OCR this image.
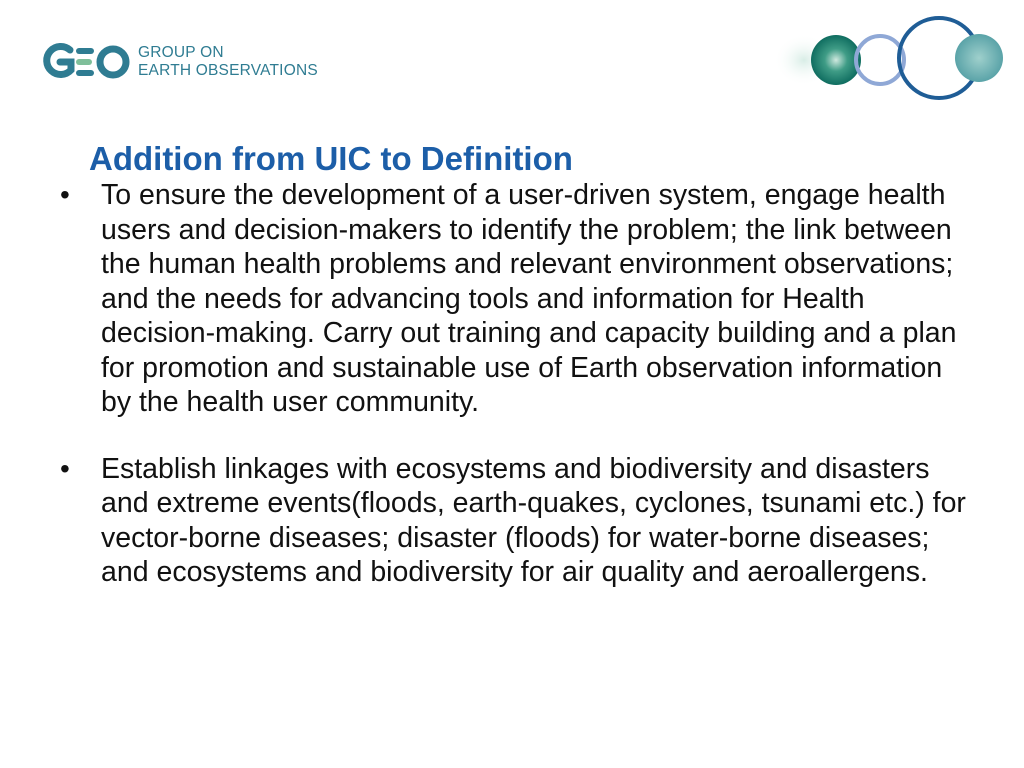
GROUP ON
EARTH OBSERVATIONS
Addition from UIC to Definition
• To ensure the development of a user-driven system, engage health users and decision-makers to identify the problem; the link between the human health problems and relevant environment observations; and the needs for advancing tools and information for Health decision-making. Carry out training and capacity building and a plan for promotion and sustainable use of Earth observation information by the health user community.
• Establish linkages with ecosystems and biodiversity and disasters and extreme events(floods, earth-quakes, cyclones, tsunami etc.) for vector-borne diseases; disaster (floods) for water-borne diseases; and ecosystems and biodiversity for air quality and aeroallergens.
